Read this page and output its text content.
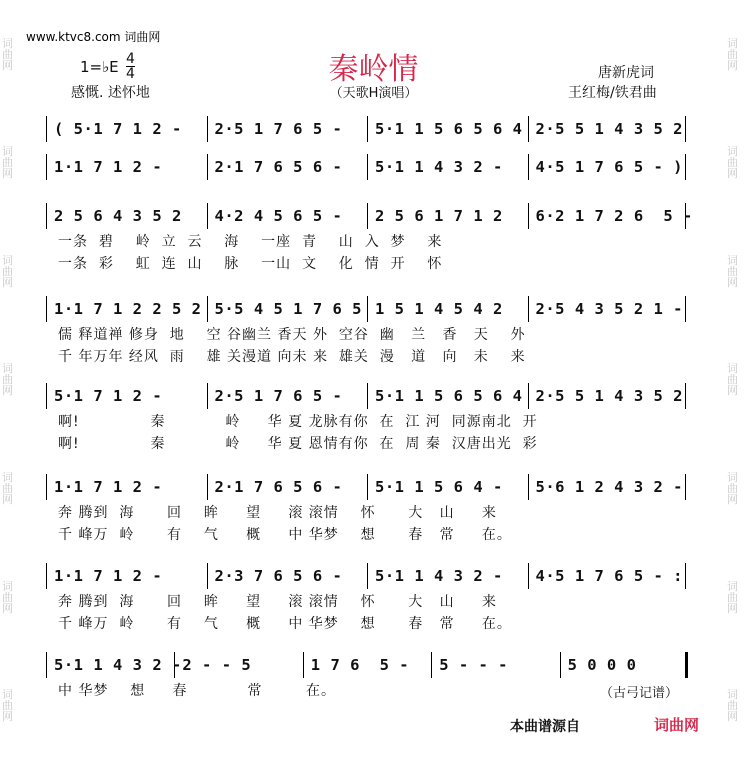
词曲网
词曲网
词曲网
词曲网
词曲网
词曲网
词曲网
词曲网
词曲网
词曲网
词曲网
词曲网
词曲网
词曲网
www.ktvc8.com 词曲网
秦岭情
（天歌H演唱）
1=♭E 4
4
感慨. 述怀地
唐新虎词
王红梅/铁君曲
( 5·1 7 1 2 - 2·5 1 7 6 5 - 5·1 1 5 6 5 6 4 2·5 5 1 4 3 5 2
1·1 7 1 2 -	2·1 7 6 5 6 - 5·1 1 4 3 2 - 4·5 1 7 6 5 - )
2 5 6 4 3 5 2 4·2 4 5 6 5 - 2 5 6 1 7 1 2 6·2 1 7 2 6  5 -
一条  碧    岭  立  云    海    一座  青    山  入  梦    来
一条  彩    虹  连  山    脉    一山  文    化  情  开    怀
1·1 7 1 2 2 5 2 5·5 4 5 1 7 6 5 1 5 1 4 5 4 2 2·5 4 3 5 2 1 -
儒 释道禅 修身  地    空 谷幽兰 香天 外  空谷  幽   兰   香   天    外
千 年万年 经风  雨    雄 关漫道 向未 来  雄关  漫   道   向   未    来
5·1 7 1 2 -	2·5 1 7 6 5 - 5·1 1 5 6 5 6 4 2·5 5 1 4 3 5 2
啊!             秦           岭     华 夏 龙脉有你  在  江 河  同源南北  开
啊!             秦           岭     华 夏 恩情有你  在  周 秦  汉唐出光  彩
1·1 7 1 2 -	2·1 7 6 5 6 - 5·1 1 5 6 4 - 5·6 1 2 4 3 2 -
奔 腾到  海      回    眸     望     滚 滚情    怀      大   山     来
千 峰万  岭      有    气     概     中 华梦    想      春   常     在。
1·1 7 1 2 -	2·3 7 6 5 6 - 5·1 1 4 3 2 - 4·5 1 7 6 5 - :
奔 腾到  海      回    眸     望     滚 滚情    怀      大   山     来
千 峰万  岭      有    气     概     中 华梦    想      春   常     在。
5·1 1 4 3 2 - 2 - - 5	1 7 6  5 - 5 - - -	5 0 0 0
中 华梦    想     春           常        在。	（古弓记谱）
本曲谱源自	词曲网
